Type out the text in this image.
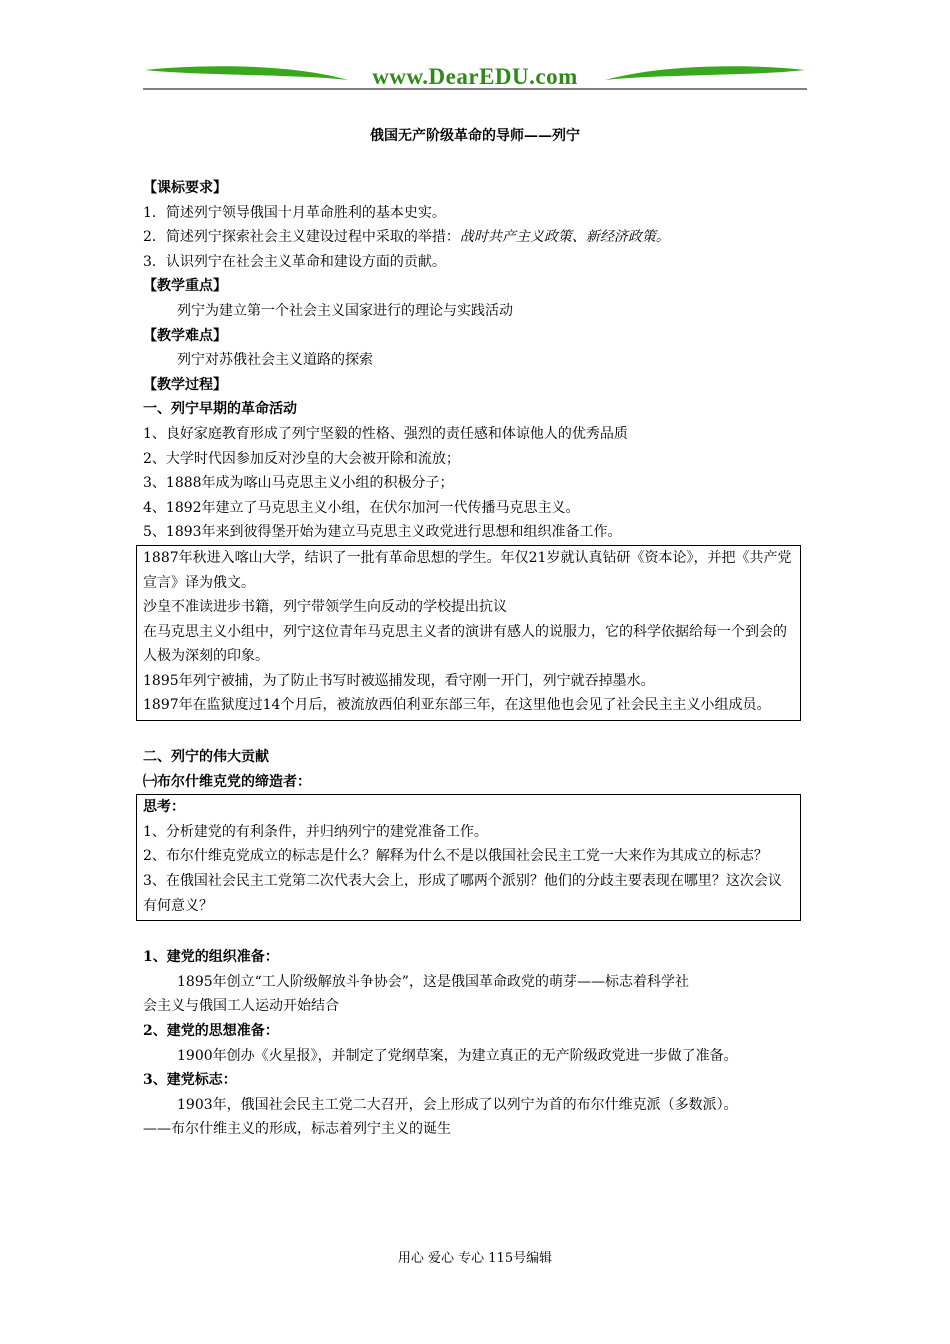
www.DearEDU.com
俄国无产阶级革命的导师——列宁
【课标要求】
1．简述列宁领导俄国十月革命胜利的基本史实。
2．简述列宁探索社会主义建设过程中采取的举措：战时共产主义政策、新经济政策。
3．认识列宁在社会主义革命和建设方面的贡献。
【教学重点】
列宁为建立第一个社会主义国家进行的理论与实践活动
【教学难点】
列宁对苏俄社会主义道路的探索
【教学过程】
一、列宁早期的革命活动
1、良好家庭教育形成了列宁坚毅的性格、强烈的责任感和体谅他人的优秀品质
2、大学时代因参加反对沙皇的大会被开除和流放；
3、1888年成为喀山马克思主义小组的积极分子；
4、1892年建立了马克思主义小组，在伏尔加河一代传播马克思主义。
5、1893年来到彼得堡开始为建立马克思主义政党进行思想和组织准备工作。
1887年秋进入喀山大学，结识了一批有革命思想的学生。年仅21岁就认真钻研《资本论》，并把《共产党宣言》译为俄文。
沙皇不准读进步书籍，列宁带领学生向反动的学校提出抗议
在马克思主义小组中，列宁这位青年马克思主义者的演讲有感人的说服力，它的科学依据给每一个到会的人极为深刻的印象。
1895年列宁被捕，为了防止书写时被巡捕发现，看守刚一开门，列宁就吞掉墨水。
1897年在监狱度过14个月后，被流放西伯利亚东部三年，在这里他也会见了社会民主主义小组成员。
二、列宁的伟大贡献
㈠布尔什维克党的缔造者：
思考：
1、分析建党的有利条件，并归纳列宁的建党准备工作。
2、布尔什维克党成立的标志是什么？解释为什么不是以俄国社会民主工党一大来作为其成立的标志？
3、在俄国社会民主工党第二次代表大会上，形成了哪两个派别？他们的分歧主要表现在哪里？这次会议有何意义？
1、建党的组织准备：
1895年创立“工人阶级解放斗争协会”，这是俄国革命政党的萌芽——标志着科学社
会主义与俄国工人运动开始结合
2、建党的思想准备：
1900年创办《火星报》，并制定了党纲草案，为建立真正的无产阶级政党进一步做了准备。
3、建党标志：
1903年，俄国社会民主工党二大召开，会上形成了以列宁为首的布尔什维克派（多数派）。
——布尔什维主义的形成，标志着列宁主义的诞生
用心 爱心 专心 115号编辑
